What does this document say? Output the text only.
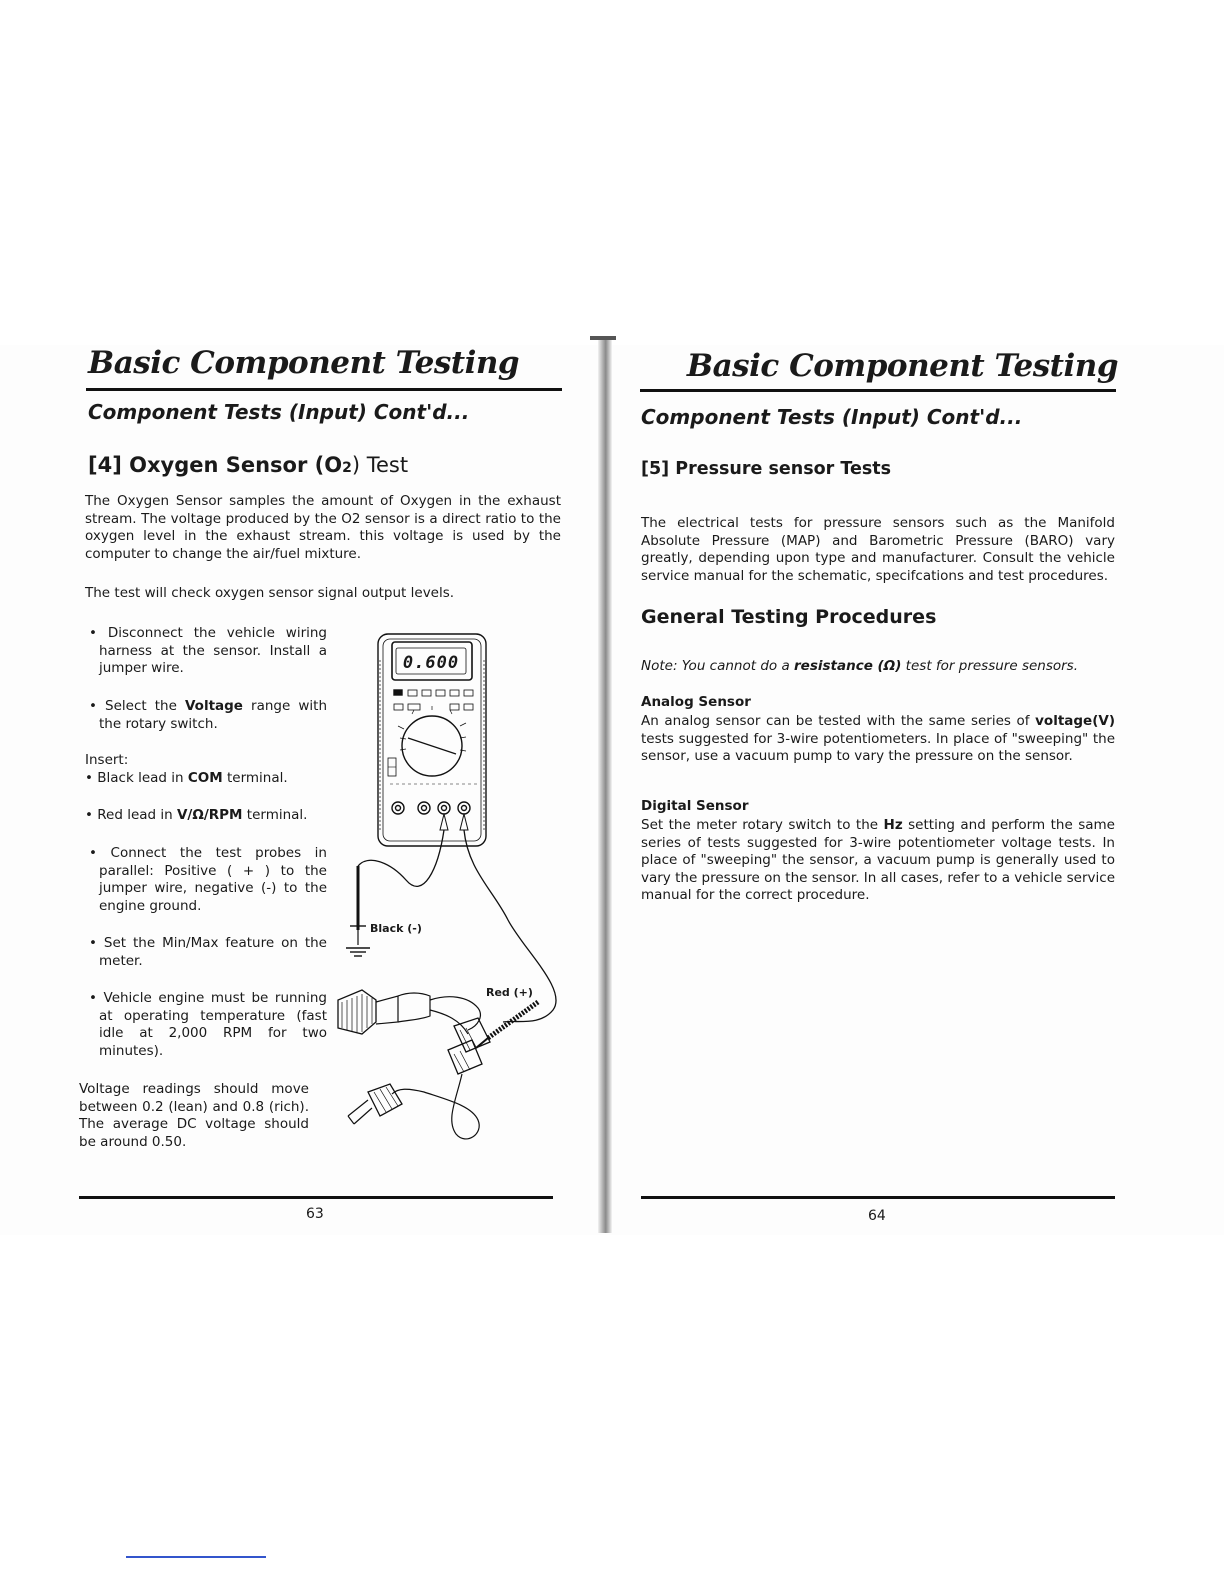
Basic Component Testing
Component Tests (Input) Cont'd...
[4] Oxygen Sensor (O2) Test

The Oxygen Sensor samples the amount of Oxygen in the exhaust stream. The voltage produced by the O2 sensor is a direct ratio to the oxygen level in the exhaust stream. this voltage is used by the computer to change the air/fuel mixture.

The test will check oxygen sensor signal output levels.

• Disconnect the vehicle wiring harness at the sensor. Install a jumper wire.

• Select the Voltage range with the rotary switch.

Insert:

• Black lead in COM terminal.

• Red lead in V/Ω/RPM terminal.

• Connect the test probes in parallel: Positive ( + ) to the jumper wire, negative (-) to the engine ground.

• Set the Min/Max feature on the meter.

• Vehicle engine must be running at operating temperature (fast idle at 2,000 RPM for two minutes).

Voltage readings should move between 0.2 (lean) and 0.8 (rich). The average DC voltage should be around 0.50.

0.600
Black (-)
Red (+)
63
Basic Component Testing
Component Tests (Input) Cont'd...
[5] Pressure sensor Tests

The electrical tests for pressure sensors such as the Manifold Absolute Pressure (MAP) and Barometric Pressure (BARO) vary greatly, depending upon type and manufacturer. Consult the vehicle service manual for the schematic, specifcations and test procedures.

General Testing Procedures

Note: You cannot do a resistance (Ω) test for pressure sensors.

Analog Sensor

An analog sensor can be tested with the same series of voltage(V) tests suggested for 3-wire potentiometers. In place of "sweeping" the sensor, use a vacuum pump to vary the pressure on the sensor.

Digital Sensor

Set the meter rotary switch to the Hz setting and perform the same series of tests suggested for 3-wire potentiometer voltage tests. In place of "sweeping" the sensor, a vacuum pump is generally used to vary the pressure on the sensor. In all cases, refer to a vehicle service manual for the correct procedure.

64
